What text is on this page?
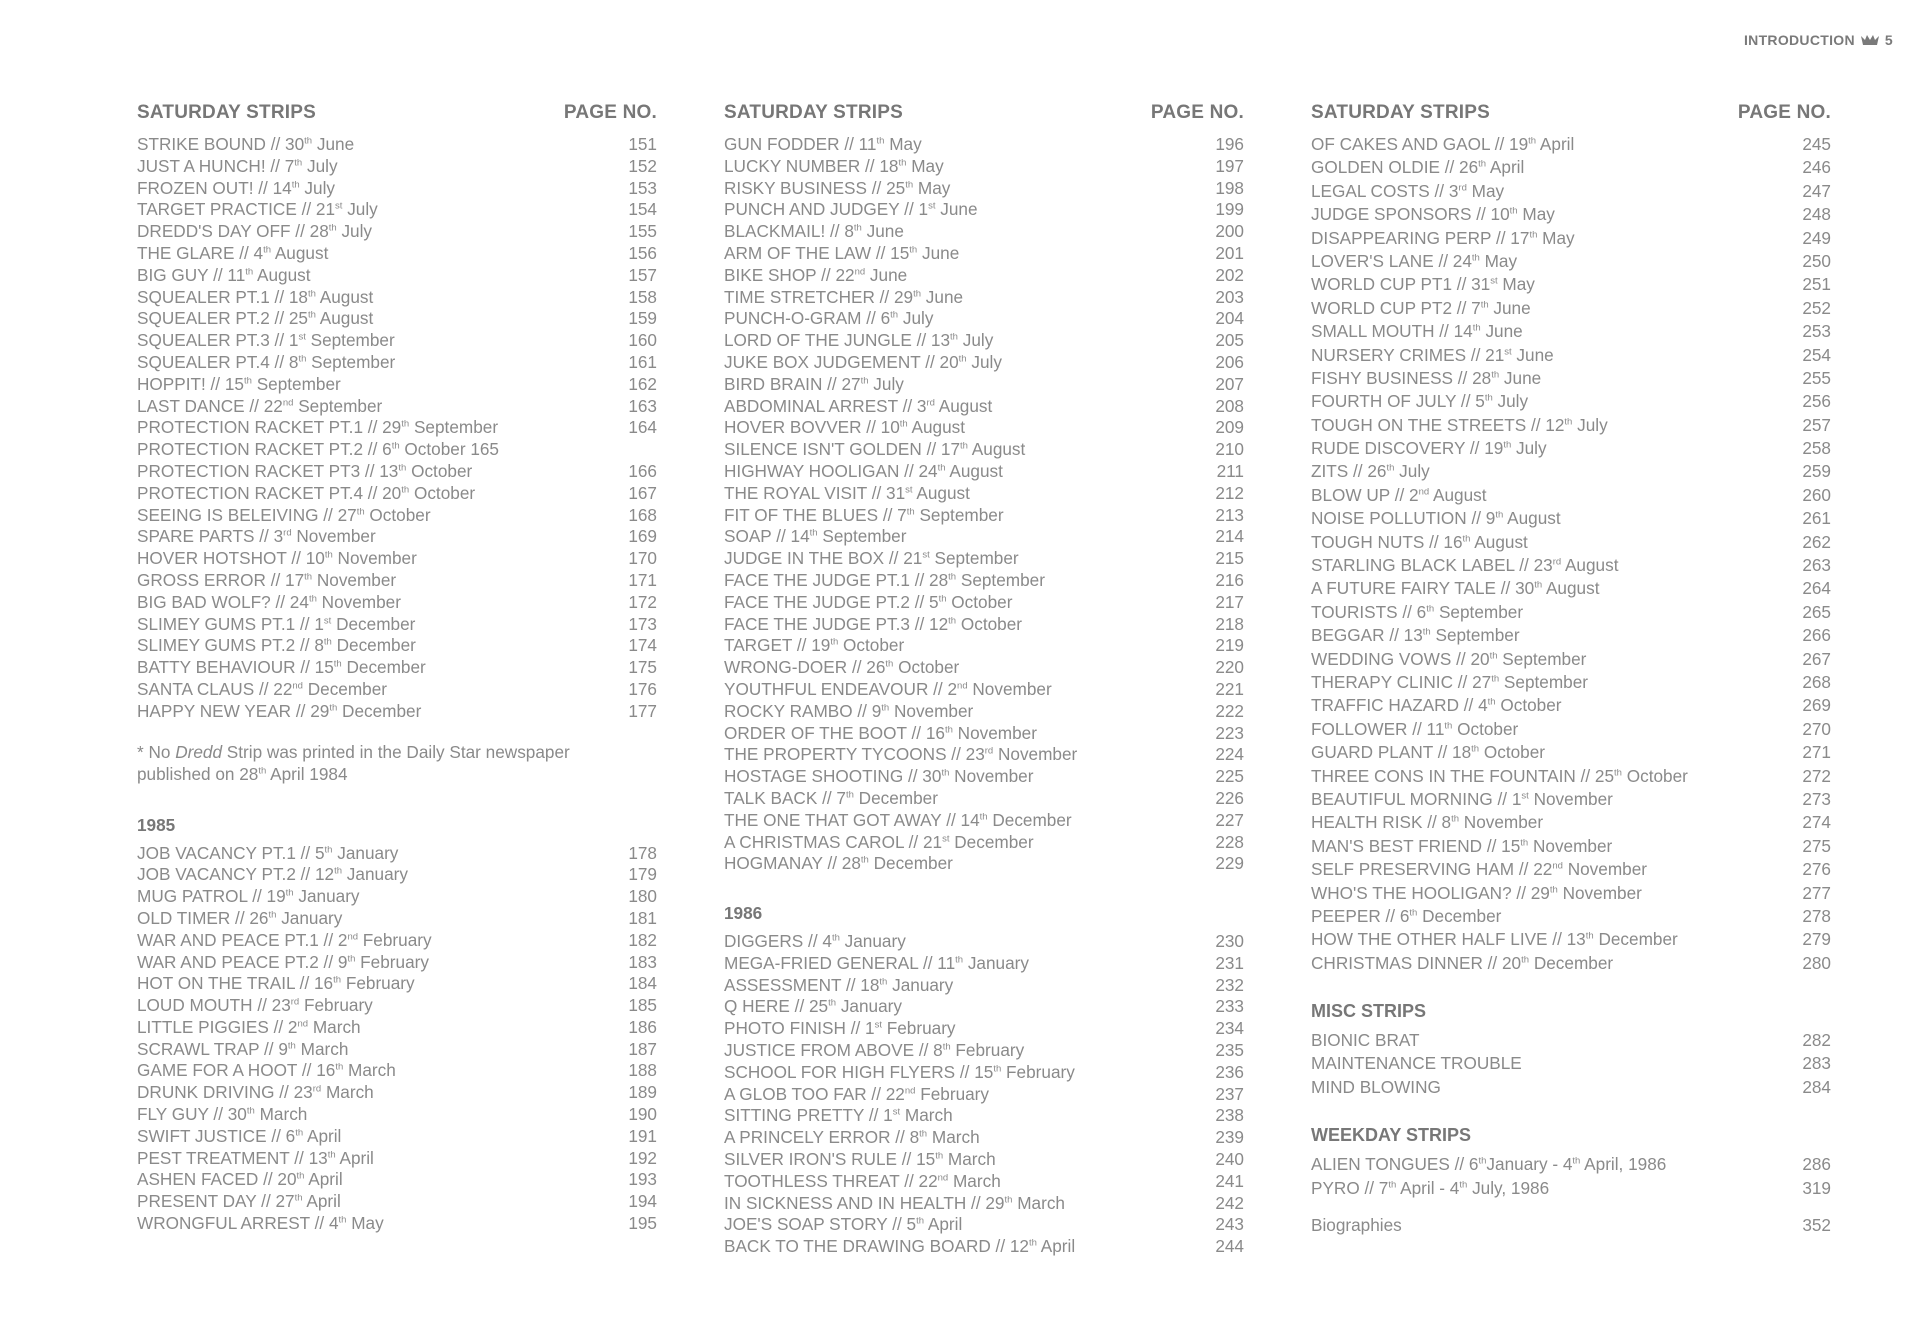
INTRODUCTION 5
SATURDAY STRIPS	PAGE NO.
STRIKE BOUND // 30th June	151
JUST A HUNCH! // 7th July	152
FROZEN OUT! // 14th July	153
TARGET PRACTICE // 21st July	154
DREDD'S DAY OFF // 28th July	155
THE GLARE // 4th August	156
BIG GUY // 11th August	157
SQUEALER PT.1 // 18th August	158
SQUEALER PT.2 // 25th August	159
SQUEALER PT.3 // 1st September	160
SQUEALER PT.4 // 8th September	161
HOPPIT! // 15th September	162
LAST DANCE // 22nd September	163
PROTECTION RACKET PT.1 // 29th September	164
PROTECTION RACKET PT.2 // 6th October 165
PROTECTION RACKET PT3 // 13th October	166
PROTECTION RACKET PT.4 // 20th October	167
SEEING IS BELEIVING // 27th October	168
SPARE PARTS // 3rd November	169
HOVER HOTSHOT // 10th November	170
GROSS ERROR // 17th November	171
BIG BAD WOLF? // 24th November	172
SLIMEY GUMS PT.1 // 1st December	173
SLIMEY GUMS PT.2 // 8th December	174
BATTY BEHAVIOUR // 15th December	175
SANTA CLAUS // 22nd December	176
HAPPY NEW YEAR // 29th December	177
* No Dredd Strip was printed in the Daily Star newspaper published on 28th April 1984
1985
JOB VACANCY PT.1 // 5th January	178
JOB VACANCY PT.2 // 12th January	179
MUG PATROL // 19th January	180
OLD TIMER // 26th January	181
WAR AND PEACE PT.1 // 2nd February	182
WAR AND PEACE PT.2 // 9th February	183
HOT ON THE TRAIL // 16th February	184
LOUD MOUTH // 23rd February	185
LITTLE PIGGIES // 2nd March	186
SCRAWL TRAP // 9th March	187
GAME FOR A HOOT // 16th March	188
DRUNK DRIVING // 23rd March	189
FLY GUY // 30th March	190
SWIFT JUSTICE // 6th April	191
PEST TREATMENT // 13th April	192
ASHEN FACED // 20th April	193
PRESENT DAY // 27th April	194
WRONGFUL ARREST // 4th May	195
SATURDAY STRIPS	PAGE NO.
GUN FODDER // 11th May	196
LUCKY NUMBER // 18th May	197
RISKY BUSINESS // 25th May	198
PUNCH AND JUDGEY // 1st June	199
BLACKMAIL! // 8th June	200
ARM OF THE LAW // 15th June	201
BIKE SHOP // 22nd June	202
TIME STRETCHER // 29th June	203
PUNCH-O-GRAM // 6th July	204
LORD OF THE JUNGLE // 13th July	205
JUKE BOX JUDGEMENT // 20th July	206
BIRD BRAIN // 27th July	207
ABDOMINAL ARREST // 3rd August	208
HOVER BOVVER // 10th August	209
SILENCE ISN'T GOLDEN // 17th August	210
HIGHWAY HOOLIGAN // 24th August	211
THE ROYAL VISIT // 31st August	212
FIT OF THE BLUES // 7th September	213
SOAP // 14th September	214
JUDGE IN THE BOX // 21st September	215
FACE THE JUDGE PT.1 // 28th September	216
FACE THE JUDGE PT.2 // 5th October	217
FACE THE JUDGE PT.3 // 12th October	218
TARGET // 19th October	219
WRONG-DOER // 26th October	220
YOUTHFUL ENDEAVOUR // 2nd November	221
ROCKY RAMBO // 9th November	222
ORDER OF THE BOOT // 16th November	223
THE PROPERTY TYCOONS // 23rd November	224
HOSTAGE SHOOTING // 30th November	225
TALK BACK // 7th December	226
THE ONE THAT GOT AWAY // 14th December	227
A CHRISTMAS CAROL // 21st December	228
HOGMANAY // 28th December	229
1986
DIGGERS // 4th January	230
MEGA-FRIED GENERAL // 11th January	231
ASSESSMENT // 18th January	232
Q HERE // 25th January	233
PHOTO FINISH // 1st February	234
JUSTICE FROM ABOVE // 8th February	235
SCHOOL FOR HIGH FLYERS // 15th February	236
A GLOB TOO FAR // 22nd February	237
SITTING PRETTY // 1st March	238
A PRINCELY ERROR // 8th March	239
SILVER IRON'S RULE // 15th March	240
TOOTHLESS THREAT // 22nd March	241
IN SICKNESS AND IN HEALTH // 29th March	242
JOE'S SOAP STORY // 5th April	243
BACK TO THE DRAWING BOARD // 12th April	244
SATURDAY STRIPS	PAGE NO.
OF CAKES AND GAOL // 19th April	245
GOLDEN OLDIE // 26th April	246
LEGAL COSTS // 3rd May	247
JUDGE SPONSORS // 10th May	248
DISAPPEARING PERP // 17th May	249
LOVER'S LANE // 24th May	250
WORLD CUP PT1 // 31st May	251
WORLD CUP PT2 // 7th June	252
SMALL MOUTH // 14th June	253
NURSERY CRIMES // 21st June	254
FISHY BUSINESS // 28th June	255
FOURTH OF JULY // 5th July	256
TOUGH ON THE STREETS // 12th July	257
RUDE DISCOVERY // 19th July	258
ZITS // 26th July	259
BLOW UP // 2nd August	260
NOISE POLLUTION // 9th August	261
TOUGH NUTS // 16th August	262
STARLING BLACK LABEL // 23rd August	263
A FUTURE FAIRY TALE // 30th August	264
TOURISTS // 6th September	265
BEGGAR // 13th September	266
WEDDING VOWS // 20th September	267
THERAPY CLINIC // 27th September	268
TRAFFIC HAZARD // 4th October	269
FOLLOWER // 11th October	270
GUARD PLANT // 18th October	271
THREE CONS IN THE FOUNTAIN // 25th October	272
BEAUTIFUL MORNING // 1st November	273
HEALTH RISK // 8th November	274
MAN'S BEST FRIEND // 15th November	275
SELF PRESERVING HAM // 22nd November	276
WHO'S THE HOOLIGAN? // 29th November	277
PEEPER // 6th December	278
HOW THE OTHER HALF LIVE // 13th December	279
CHRISTMAS DINNER // 20th December	280
MISC STRIPS
BIONIC BRAT	282
MAINTENANCE TROUBLE	283
MIND BLOWING	284
WEEKDAY STRIPS
ALIEN TONGUES // 6thJanuary - 4th April, 1986	286
PYRO // 7th April - 4th July, 1986	319
Biographies	352
